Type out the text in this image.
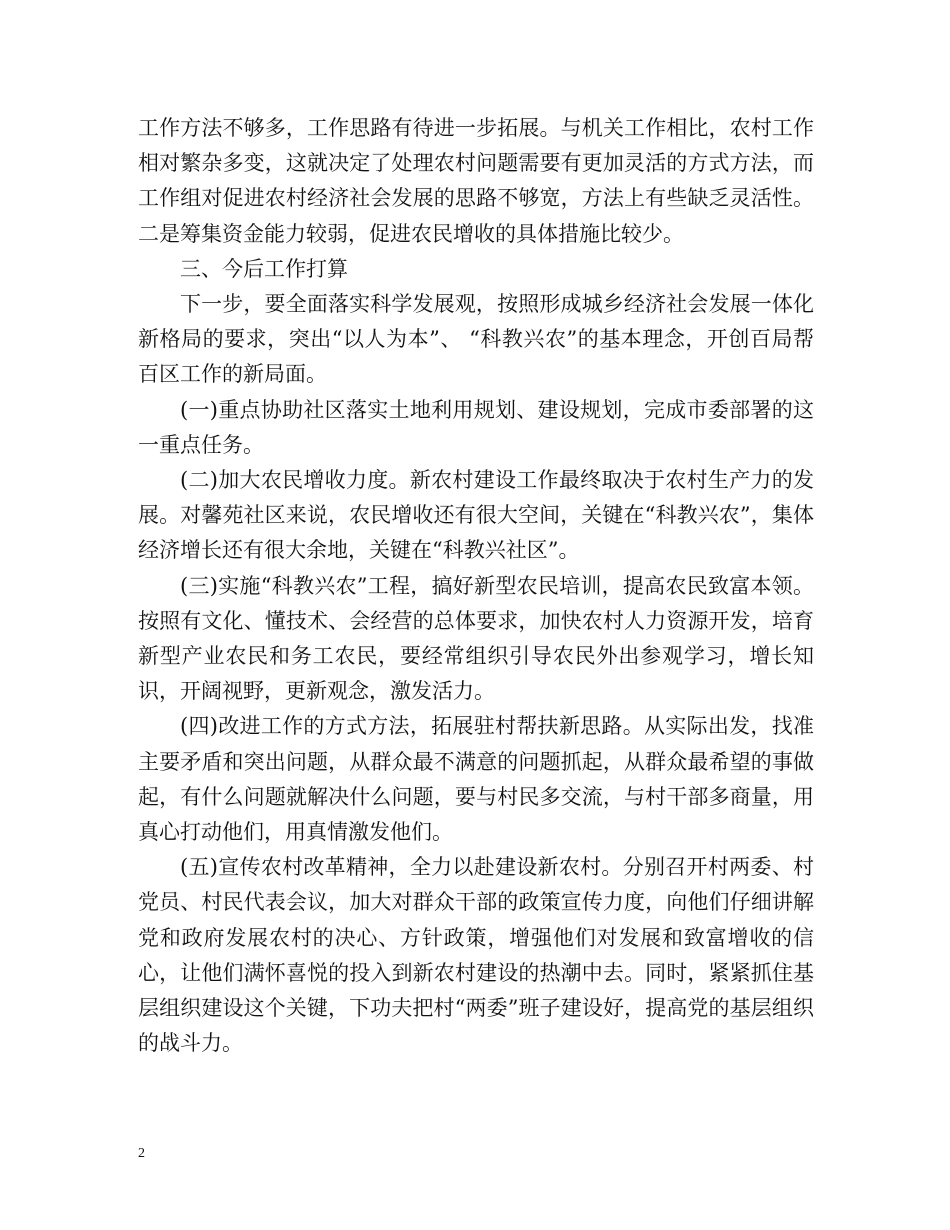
工作方法不够多，工作思路有待进一步拓展。与机关工作相比，农村工作相对繁杂多变，这就决定了处理农村问题需要有更加灵活的方式方法，而工作组对促进农村经济社会发展的思路不够宽，方法上有些缺乏灵活性。二是筹集资金能力较弱，促进农民增收的具体措施比较少。

三、今后工作打算

下一步，要全面落实科学发展观，按照形成城乡经济社会发展一体化新格局的要求，突出“以人为本”、 “科教兴农”的基本理念，开创百局帮百区工作的新局面。

(一)重点协助社区落实土地利用规划、建设规划，完成市委部署的这一重点任务。

(二)加大农民增收力度。新农村建设工作最终取决于农村生产力的发展。对馨苑社区来说，农民增收还有很大空间，关键在“科教兴农”，集体经济增长还有很大余地，关键在“科教兴社区”。

(三)实施“科教兴农”工程，搞好新型农民培训，提高农民致富本领。按照有文化、懂技术、会经营的总体要求，加快农村人力资源开发，培育新型产业农民和务工农民，要经常组织引导农民外出参观学习，增长知识，开阔视野，更新观念，激发活力。

(四)改进工作的方式方法，拓展驻村帮扶新思路。从实际出发，找准主要矛盾和突出问题，从群众最不满意的问题抓起，从群众最希望的事做起，有什么问题就解决什么问题，要与村民多交流，与村干部多商量，用真心打动他们，用真情激发他们。

(五)宣传农村改革精神，全力以赴建设新农村。分别召开村两委、村党员、村民代表会议，加大对群众干部的政策宣传力度，向他们仔细讲解党和政府发展农村的决心、方针政策，增强他们对发展和致富增收的信心，让他们满怀喜悦的投入到新农村建设的热潮中去。同时，紧紧抓住基层组织建设这个关键，下功夫把村“两委”班子建设好，提高党的基层组织的战斗力。

2
